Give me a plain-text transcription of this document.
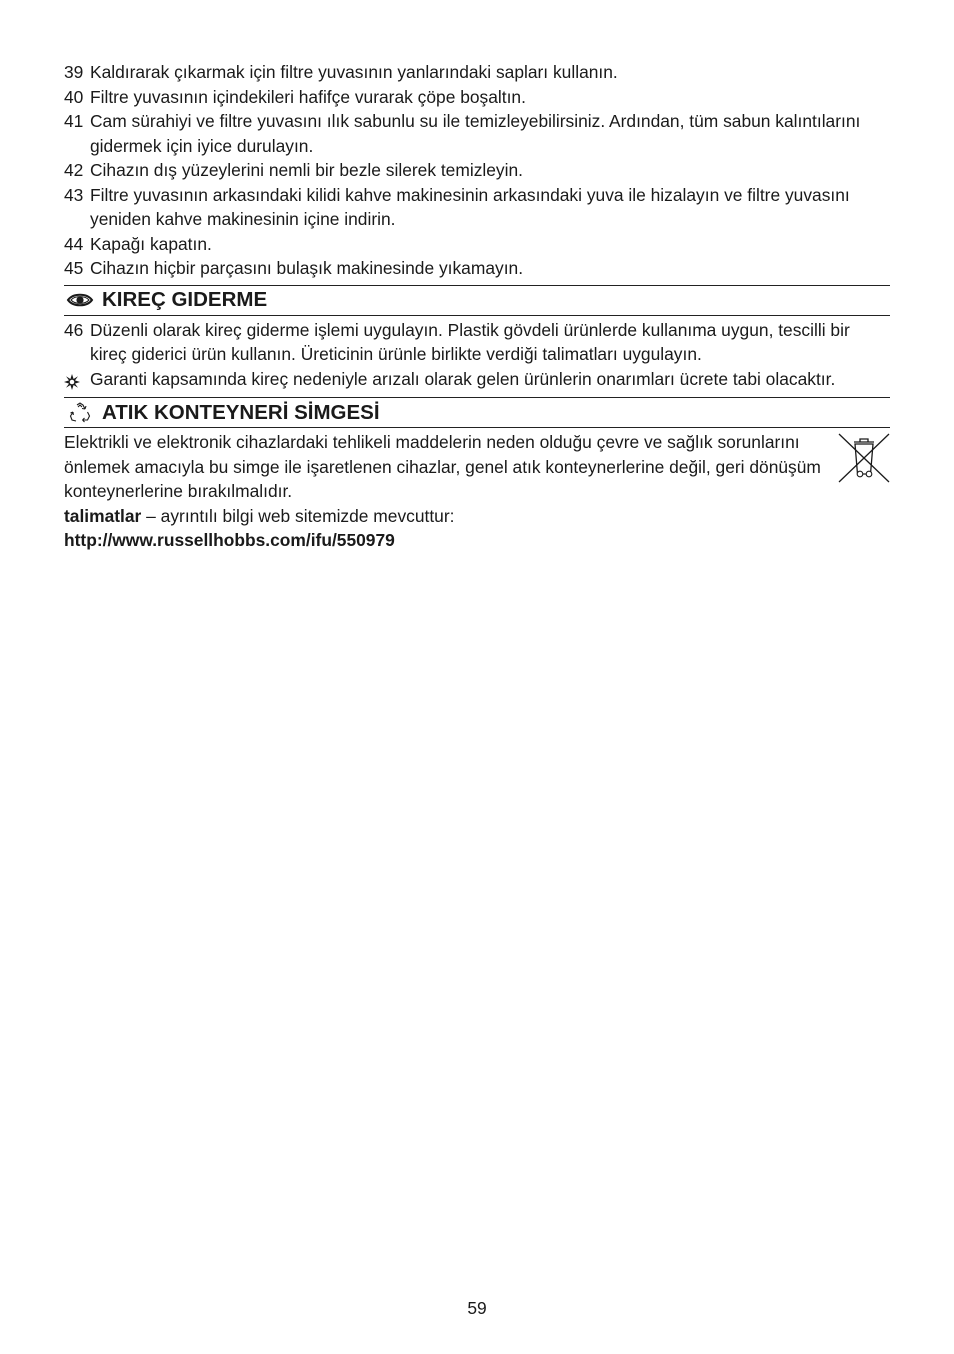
39 Kaldırarak çıkarmak için filtre yuvasının yanlarındaki sapları kullanın.
40 Filtre yuvasının içindekileri hafifçe vurarak çöpe boşaltın.
41 Cam sürahiyi ve filtre yuvasını ılık sabunlu su ile temizleyebilirsiniz. Ardından, tüm sabun kalıntılarını gidermek için iyice durulayın.
42 Cihazın dış yüzeylerini nemli bir bezle silerek temizleyin.
43 Filtre yuvasının arkasındaki kilidi kahve makinesinin arkasındaki yuva ile hizalayın ve filtre yuvasını yeniden kahve makinesinin içine indirin.
44 Kapağı kapatın.
45 Cihazın hiçbir parçasını bulaşık makinesinde yıkamayın.
KIREÇ GIDERME
46 Düzenli olarak kireç giderme işlemi uygulayın. Plastik gövdeli ürünlerde kullanıma uygun, tescilli bir kireç giderici ürün kullanın. Üreticinin ürünle birlikte verdiği talimatları uygulayın.
Garanti kapsamında kireç nedeniyle arızalı olarak gelen ürünlerin onarımları ücrete tabi olacaktır.
ATIK KONTEYNERİ SİMGESİ
Elektrikli ve elektronik cihazlardaki tehlikeli maddelerin neden olduğu çevre ve sağlık sorunlarını önlemek amacıyla bu simge ile işaretlenen cihazlar, genel atık konteynerlerine değil, geri dönüşüm konteynerlerine bırakılmalıdır.
talimatlar – ayrıntılı bilgi web sitemizde mevcuttur:
http://www.russellhobbs.com/ifu/550979
59
